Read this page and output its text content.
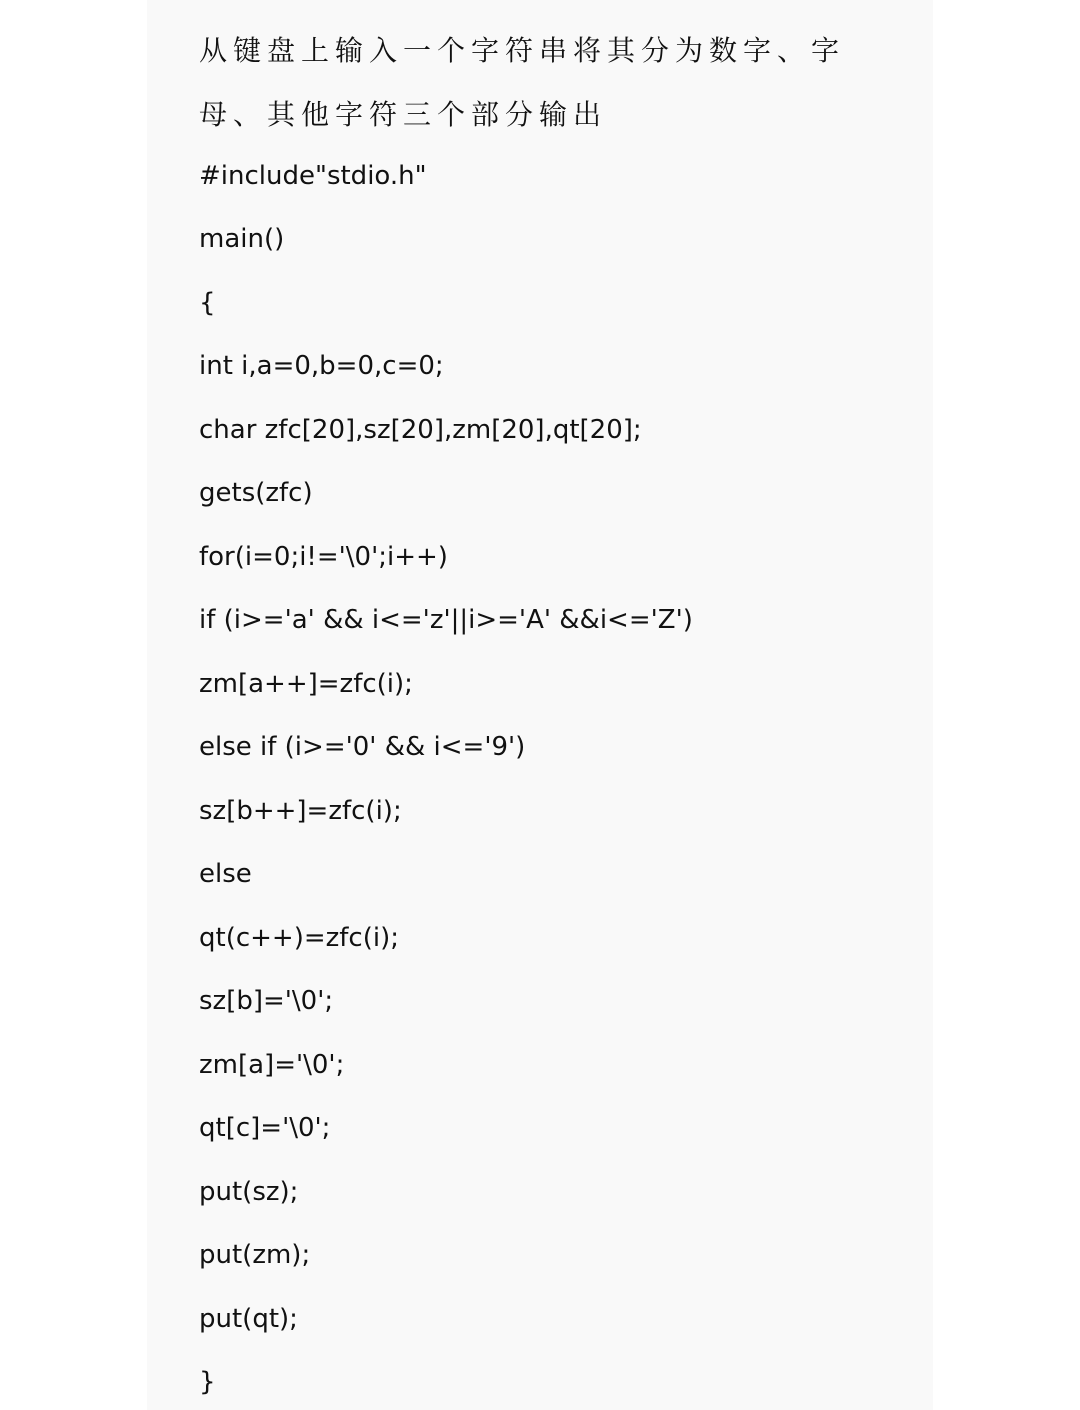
从键盘上输入一个字符串将其分为数字、字
母、其他字符三个部分输出
#include"stdio.h"
main()
{
int i,a=0,b=0,c=0;
char zfc[20],sz[20],zm[20],qt[20];
gets(zfc)
for(i=0;i!='\0';i++)
if (i>='a' && i<='z'||i>='A' &&i<='Z')
zm[a++]=zfc(i);
else if (i>='0' && i<='9')
sz[b++]=zfc(i);
else
qt(c++)=zfc(i);
sz[b]='\0';
zm[a]='\0';
qt[c]='\0';
put(sz);
put(zm);
put(qt);
}
